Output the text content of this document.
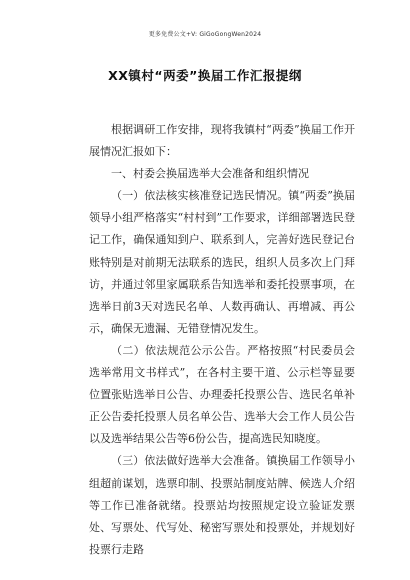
更多免费公文+V: GiGoGongWen2024
XX镇村“两委”换届工作汇报提纲

根据调研工作安排，现将我镇村“两委”换届工作开展情况汇报如下：

一、村委会换届选举大会准备和组织情况

（一）依法核实核准登记选民情况。镇“两委”换届领导小组严格落实“村村到”工作要求，详细部署选民登记工作，确保通知到户、联系到人，完善好选民登记台账特别是对前期无法联系的选民，组织人员多次上门拜访，并通过邻里家属联系告知选举和委托投票事项，在选举日前3天对选民名单、人数再确认、再增减、再公示，确保无遗漏、无错登情况发生。

（二）依法规范公示公告。严格按照“村民委员会选举常用文书样式”，在各村主要干道、公示栏等显要位置张贴选举日公告、办理委托投票公告、选民名单补正公告委托投票人员名单公告、选举大会工作人员公告以及选举结果公告等6份公告，提高选民知晓度。

（三）依法做好选举大会准备。镇换届工作领导小组超前谋划，选票印制、投票站制度站牌、候选人介绍等工作已准备就绪。投票站均按照规定设立验证发票处、写票处、代写处、秘密写票处和投票处，并规划好投票行走路
